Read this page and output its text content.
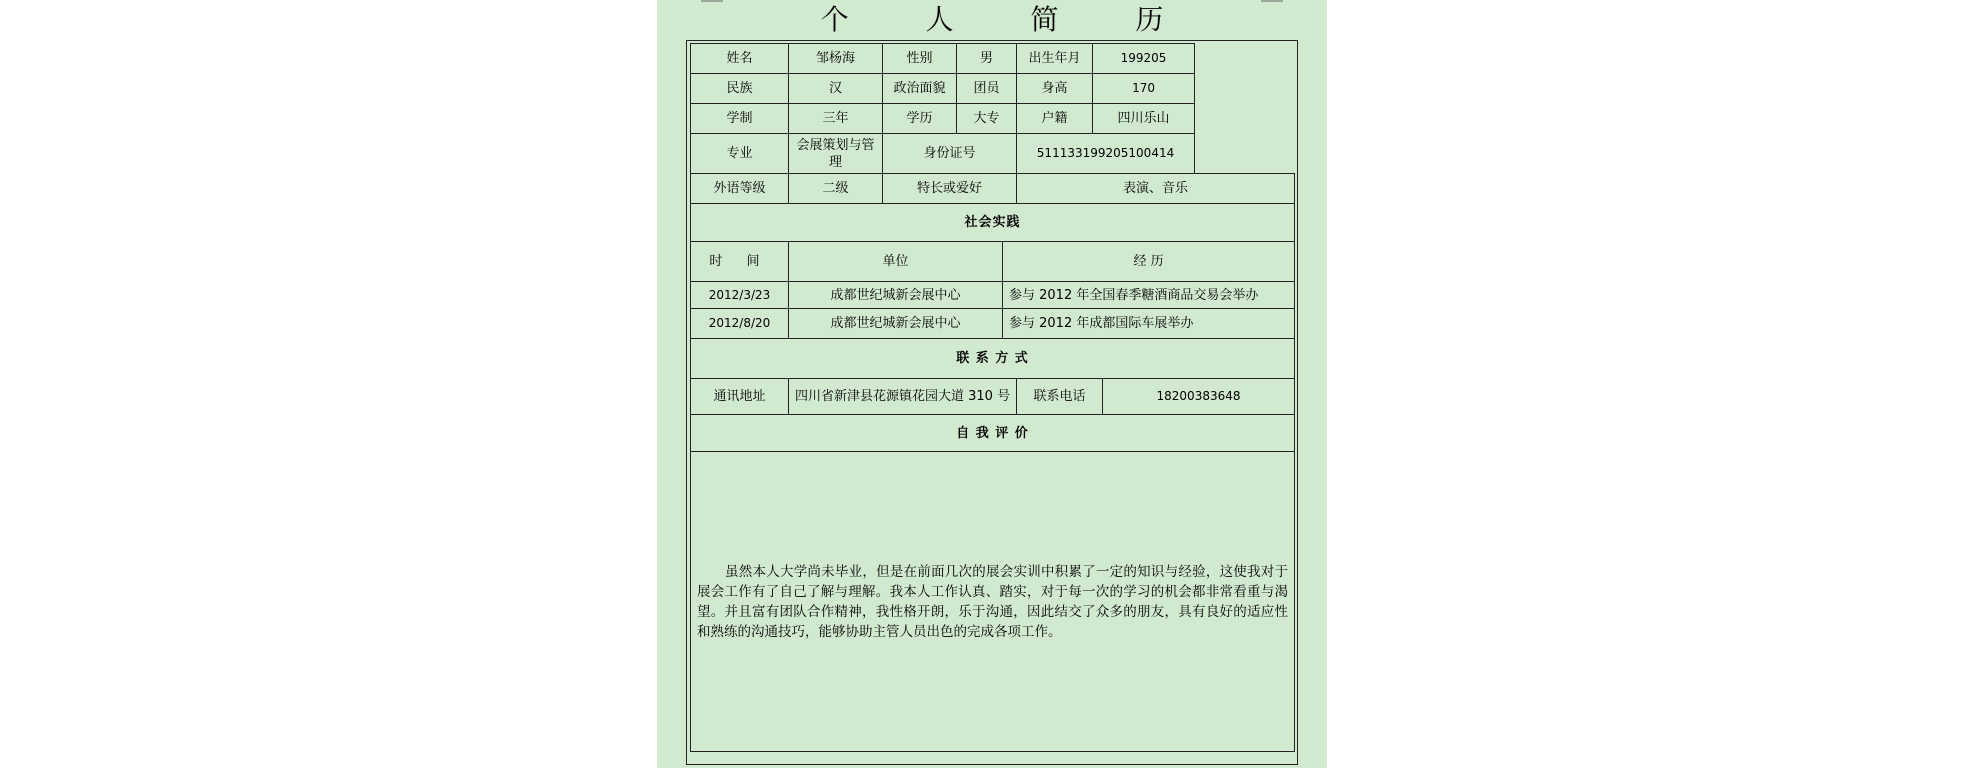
个 人 简 历
姓名	邹杨海	性别	男		出生年月	199205		
民族	汉	政治面貌	团员		身高	170		
学制	三年	学历	大专		户籍	四川乐山		
专业	会展策划与管理	身份证号			511133199205100414			
外语等级	二级	特长或爱好			表演、音乐			
社会实践								
时 间	单位			经 历				
2012/3/23	成都世纪城新会展中心			参与 2012 年全国春季糖酒商品交易会举办				
2012/8/20	成都世纪城新会展中心			参与 2012 年成都国际车展举办				
联 系 方 式								
通讯地址	四川省新津县花源镇花园大道 310 号				联系电话		18200383648	
自 我 评 价								

虽然本人大学尚未毕业，但是在前面几次的展会实训中积累了一定的知识与经验，这使我对于展会工作有了自己了解与理解。我本人工作认真、踏实，对于每一次的学习的机会都非常看重与渴望。并且富有团队合作精神，我性格开朗，乐于沟通，因此结交了众多的朋友，具有良好的适应性和熟练的沟通技巧，能够协助主管人员出色的完成各项工作。								
